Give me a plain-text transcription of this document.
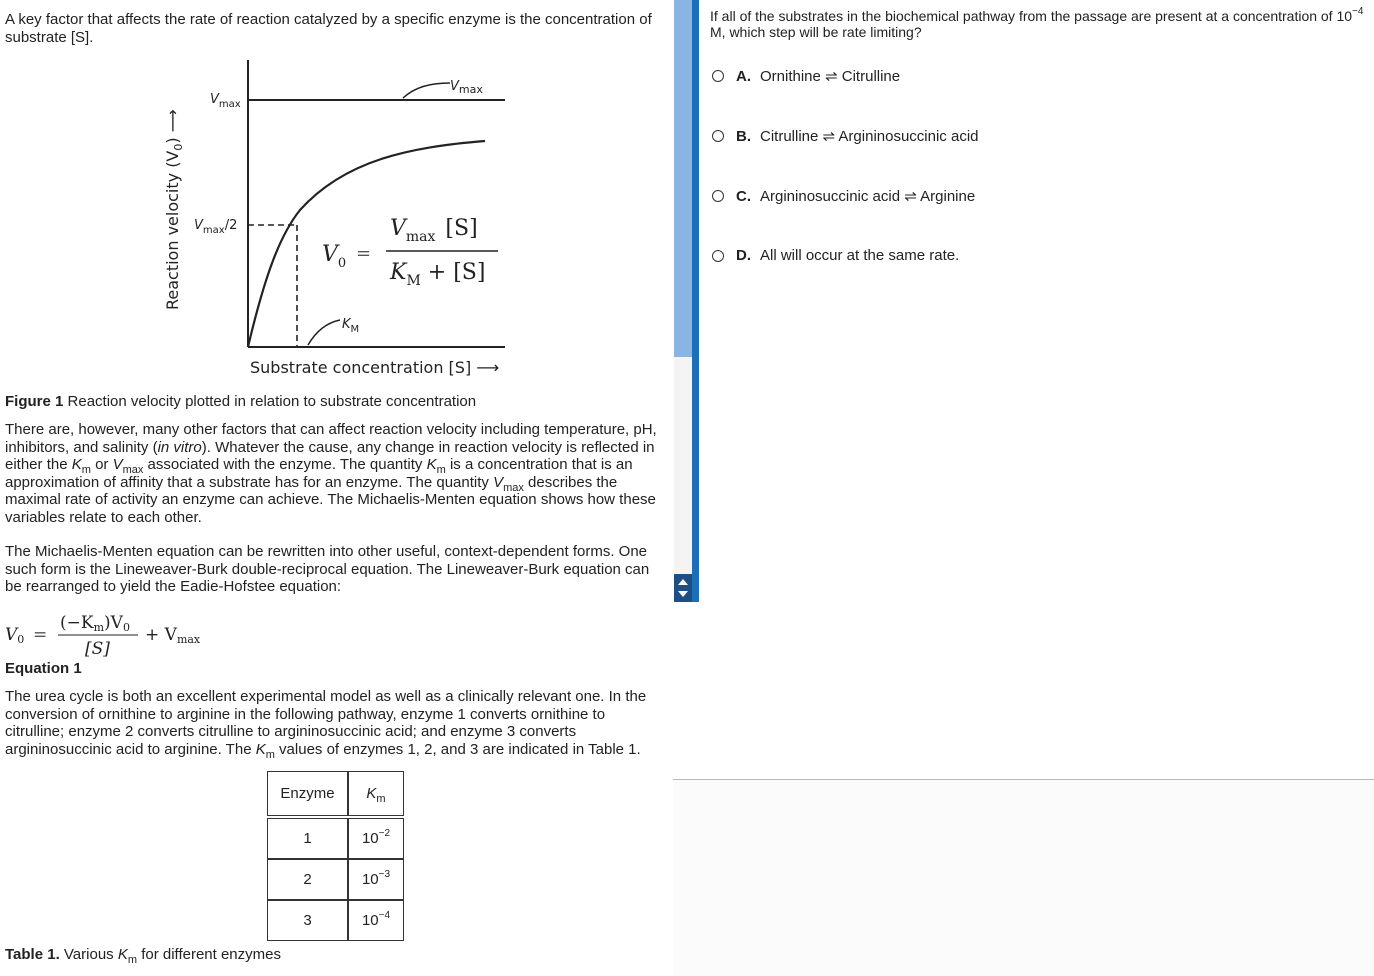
A key factor that affects the rate of reaction catalyzed by a specific enzyme is the concentration of substrate [S].

Reaction velocity $(V_0)$ ⟶
$V_{max}$
$V_{max}/2$
$V_{max}$
$K_M$
Substrate concentration [S] ⟶
$V_0$ =
$V_{max}$ [S]
$K_M + [S]$

Figure 1 Reaction velocity plotted in relation to substrate concentration

There are, however, many other factors that can affect reaction velocity including temperature, pH, inhibitors, and salinity (in vitro). Whatever the cause, any change in reaction velocity is reflected in either the $K_m$ or $V_{max}$ associated with the enzyme. The quantity $K_m$ is a concentration that is an approximation of affinity that a substrate has for an enzyme. The quantity $V_{max}$ describes the maximal rate of activity an enzyme can achieve. The Michaelis-Menten equation shows how these variables relate to each other.

The Michaelis-Menten equation can be rewritten into other useful, context-dependent forms. One such form is the Lineweaver-Burk double-reciprocal equation. The Lineweaver-Burk equation can be rearranged to yield the Eadie-Hofstee equation:

V0 =
(−Km)V0
[S]
+ Vmax

Equation 1

The urea cycle is both an excellent experimental model as well as a clinically relevant one. In the conversion of ornithine to arginine in the following pathway, enzyme 1 converts ornithine to citrulline; enzyme 2 converts citrulline to argininosuccinic acid; and enzyme 3 converts argininosuccinic acid to arginine. The $K_m$ values of enzymes 1, 2, and 3 are indicated in Table 1.

Enzyme	$K_m$

1	$10^{-2}$
2	$10^{-3}$
3	$10^{-4}$

Table 1. Various $K_m$ for different enzymes

If all of the substrates in the biochemical pathway from the passage are present at a concentration of $10^{-4}$ M, which step will be rate limiting?

A. Ornithine ⇌ Citrulline
B. Citrulline ⇌ Argininosuccinic acid
C. Argininosuccinic acid ⇌ Arginine
D. All will occur at the same rate.
